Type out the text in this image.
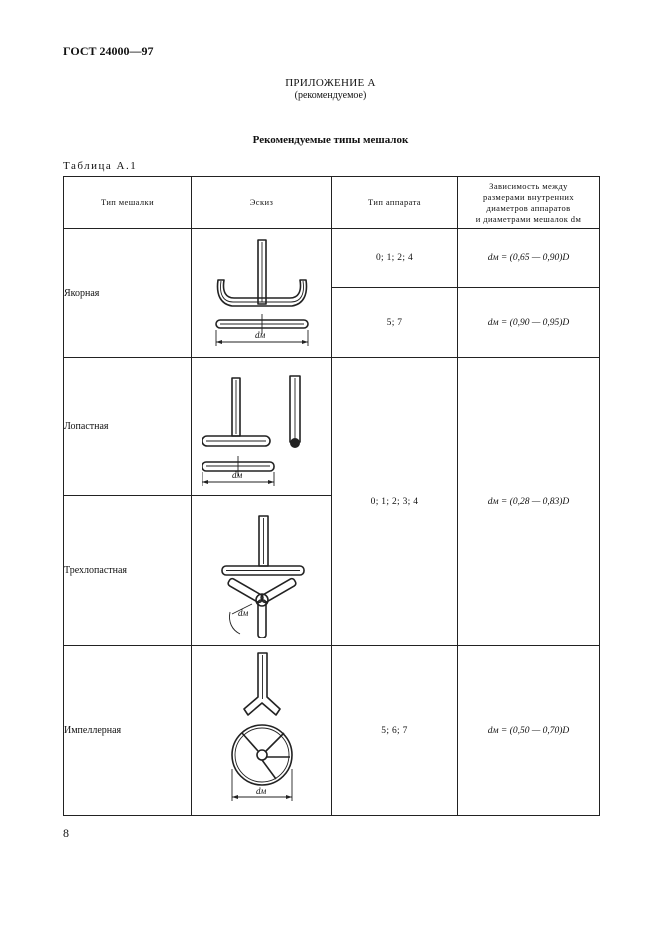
ГОСТ 24000—97
ПРИЛОЖЕНИЕ А
(рекомендуемое)
Рекомендуемые типы мешалок
Таблица А.1
Тип мешалки	Эскиз	Тип аппарата	Зависимость между
размерами внутренних
диаметров аппаратов
и диаметрами мешалок dм

Якорная	dм	0; 1; 2; 4	dм = (0,65 — 0,90)D
		5; 7	dм = (0,90 — 0,95)D
Лопастная	dм	0; 1; 2; 3; 4	dм = (0,28 — 0,83)D
Трехлопастная	dм		

Импеллерная	dм	5; 6; 7	dм = (0,50 — 0,70)D
8
